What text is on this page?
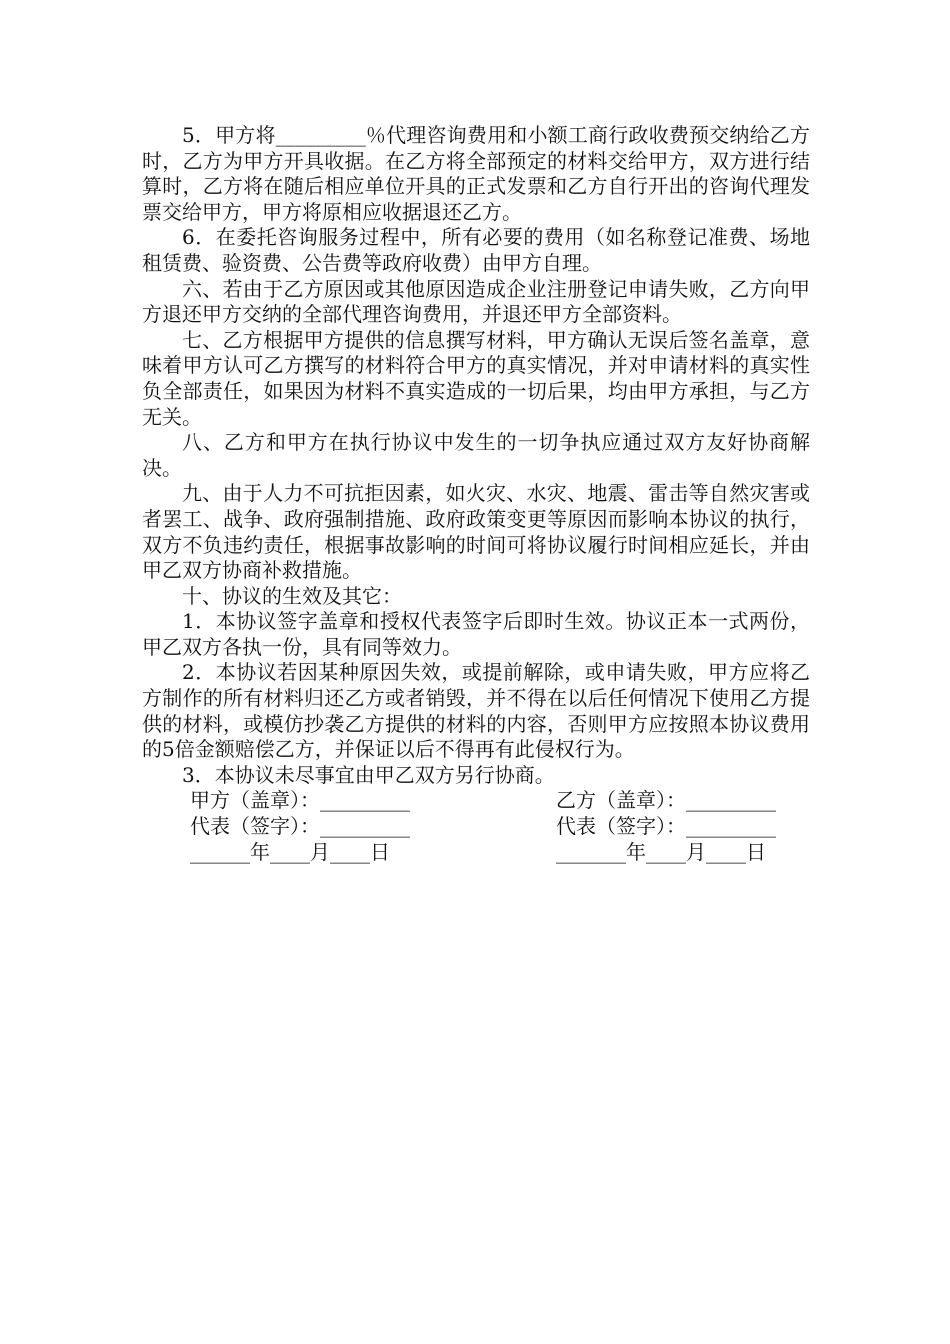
5．甲方将_________％代理咨询费用和小额工商行政收费预交纳给乙方时，乙方为甲方开具收据。在乙方将全部预定的材料交给甲方，双方进行结算时，乙方将在随后相应单位开具的正式发票和乙方自行开出的咨询代理发票交给甲方，甲方将原相应收据退还乙方。

6．在委托咨询服务过程中，所有必要的费用（如名称登记准费、场地租赁费、验资费、公告费等政府收费）由甲方自理。

六、若由于乙方原因或其他原因造成企业注册登记申请失败，乙方向甲方退还甲方交纳的全部代理咨询费用，并退还甲方全部资料。

七、乙方根据甲方提供的信息撰写材料，甲方确认无误后签名盖章，意味着甲方认可乙方撰写的材料符合甲方的真实情况，并对申请材料的真实性负全部责任，如果因为材料不真实造成的一切后果，均由甲方承担，与乙方无关。

八、乙方和甲方在执行协议中发生的一切争执应通过双方友好协商解决。

九、由于人力不可抗拒因素，如火灾、水灾、地震、雷击等自然灾害或者罢工、战争、政府强制措施、政府政策变更等原因而影响本协议的执行，双方不负违约责任，根据事故影响的时间可将协议履行时间相应延长，并由甲乙双方协商补救措施。

十、协议的生效及其它：

1．本协议签字盖章和授权代表签字后即时生效。协议正本一式两份，甲乙双方各执一份，具有同等效力。

2．本协议若因某种原因失效，或提前解除，或申请失败，甲方应将乙方制作的所有材料归还乙方或者销毁，并不得在以后任何情况下使用乙方提供的材料，或模仿抄袭乙方提供的材料的内容，否则甲方应按照本协议费用的5倍金额赔偿乙方，并保证以后不得再有此侵权行为。

3．本协议未尽事宜由甲乙双方另行协商。

甲方（盖章）：_________

	乙方（盖章）：_________

代表（签字）：_________

	代表（签字）：_________

______年____月____日

	_______年____月____日
